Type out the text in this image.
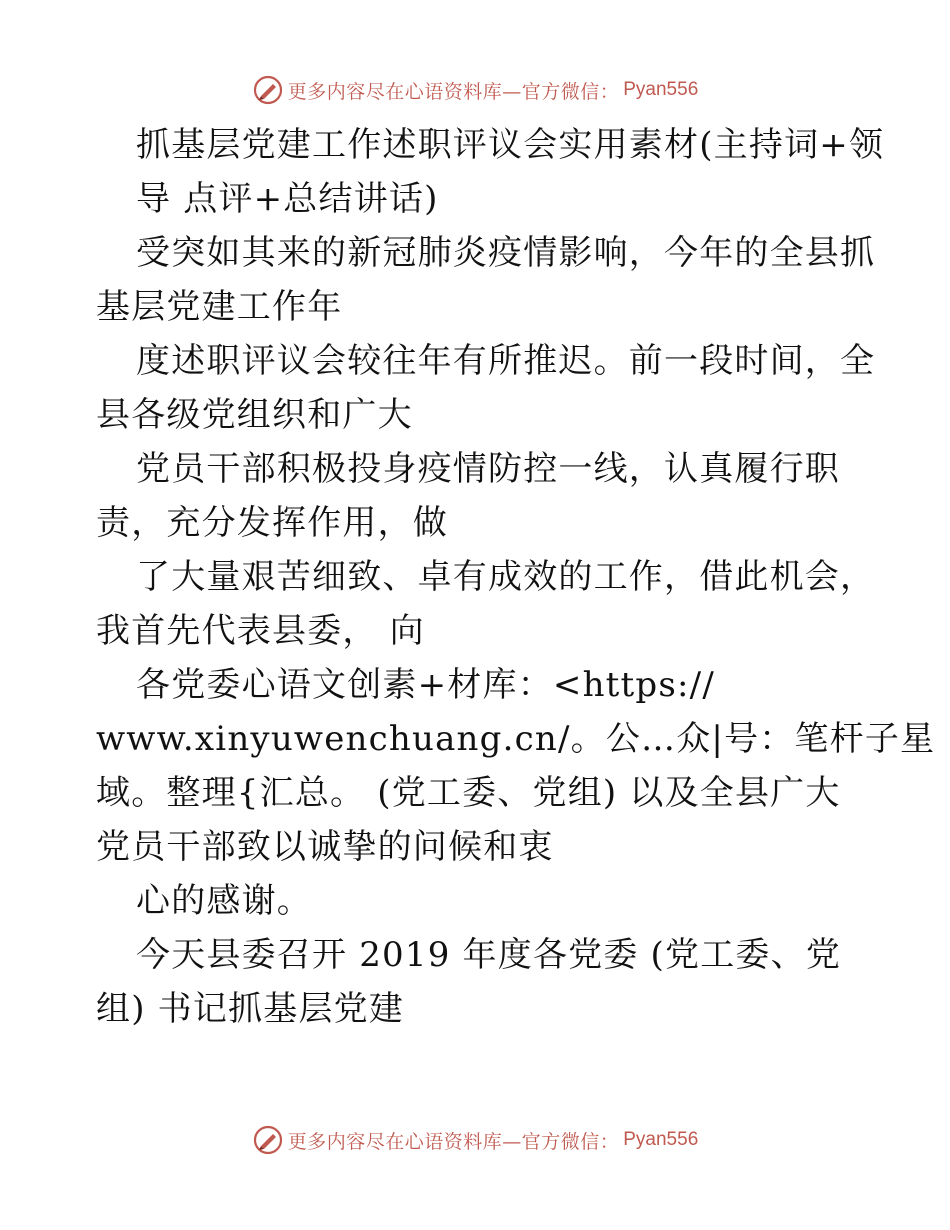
更多内容尽在心语资料库—官方微信： Pyan556
抓基层党建工作述职评议会实用素材(主持词+领
导 点评+总结讲话)
受突如其来的新冠肺炎疫情影响，今年的全县抓
基层党建工作年
度述职评议会较往年有所推迟。前一段时间，全
县各级党组织和广大
党员干部积极投身疫情防控一线，认真履行职
责，充分发挥作用，做
了大量艰苦细致、卓有成效的工作，借此机会，
我首先代表县委， 向
各党委心语文创素+材库：<https://
www.xinyuwenchuang.cn/。公…众|号：笔杆子星
域。整理{汇总。 (党工委、党组) 以及全县广大
党员干部致以诚挚的问候和衷
心的感谢。
今天县委召开 2019 年度各党委 (党工委、党
组) 书记抓基层党建
更多内容尽在心语资料库—官方微信： Pyan556
